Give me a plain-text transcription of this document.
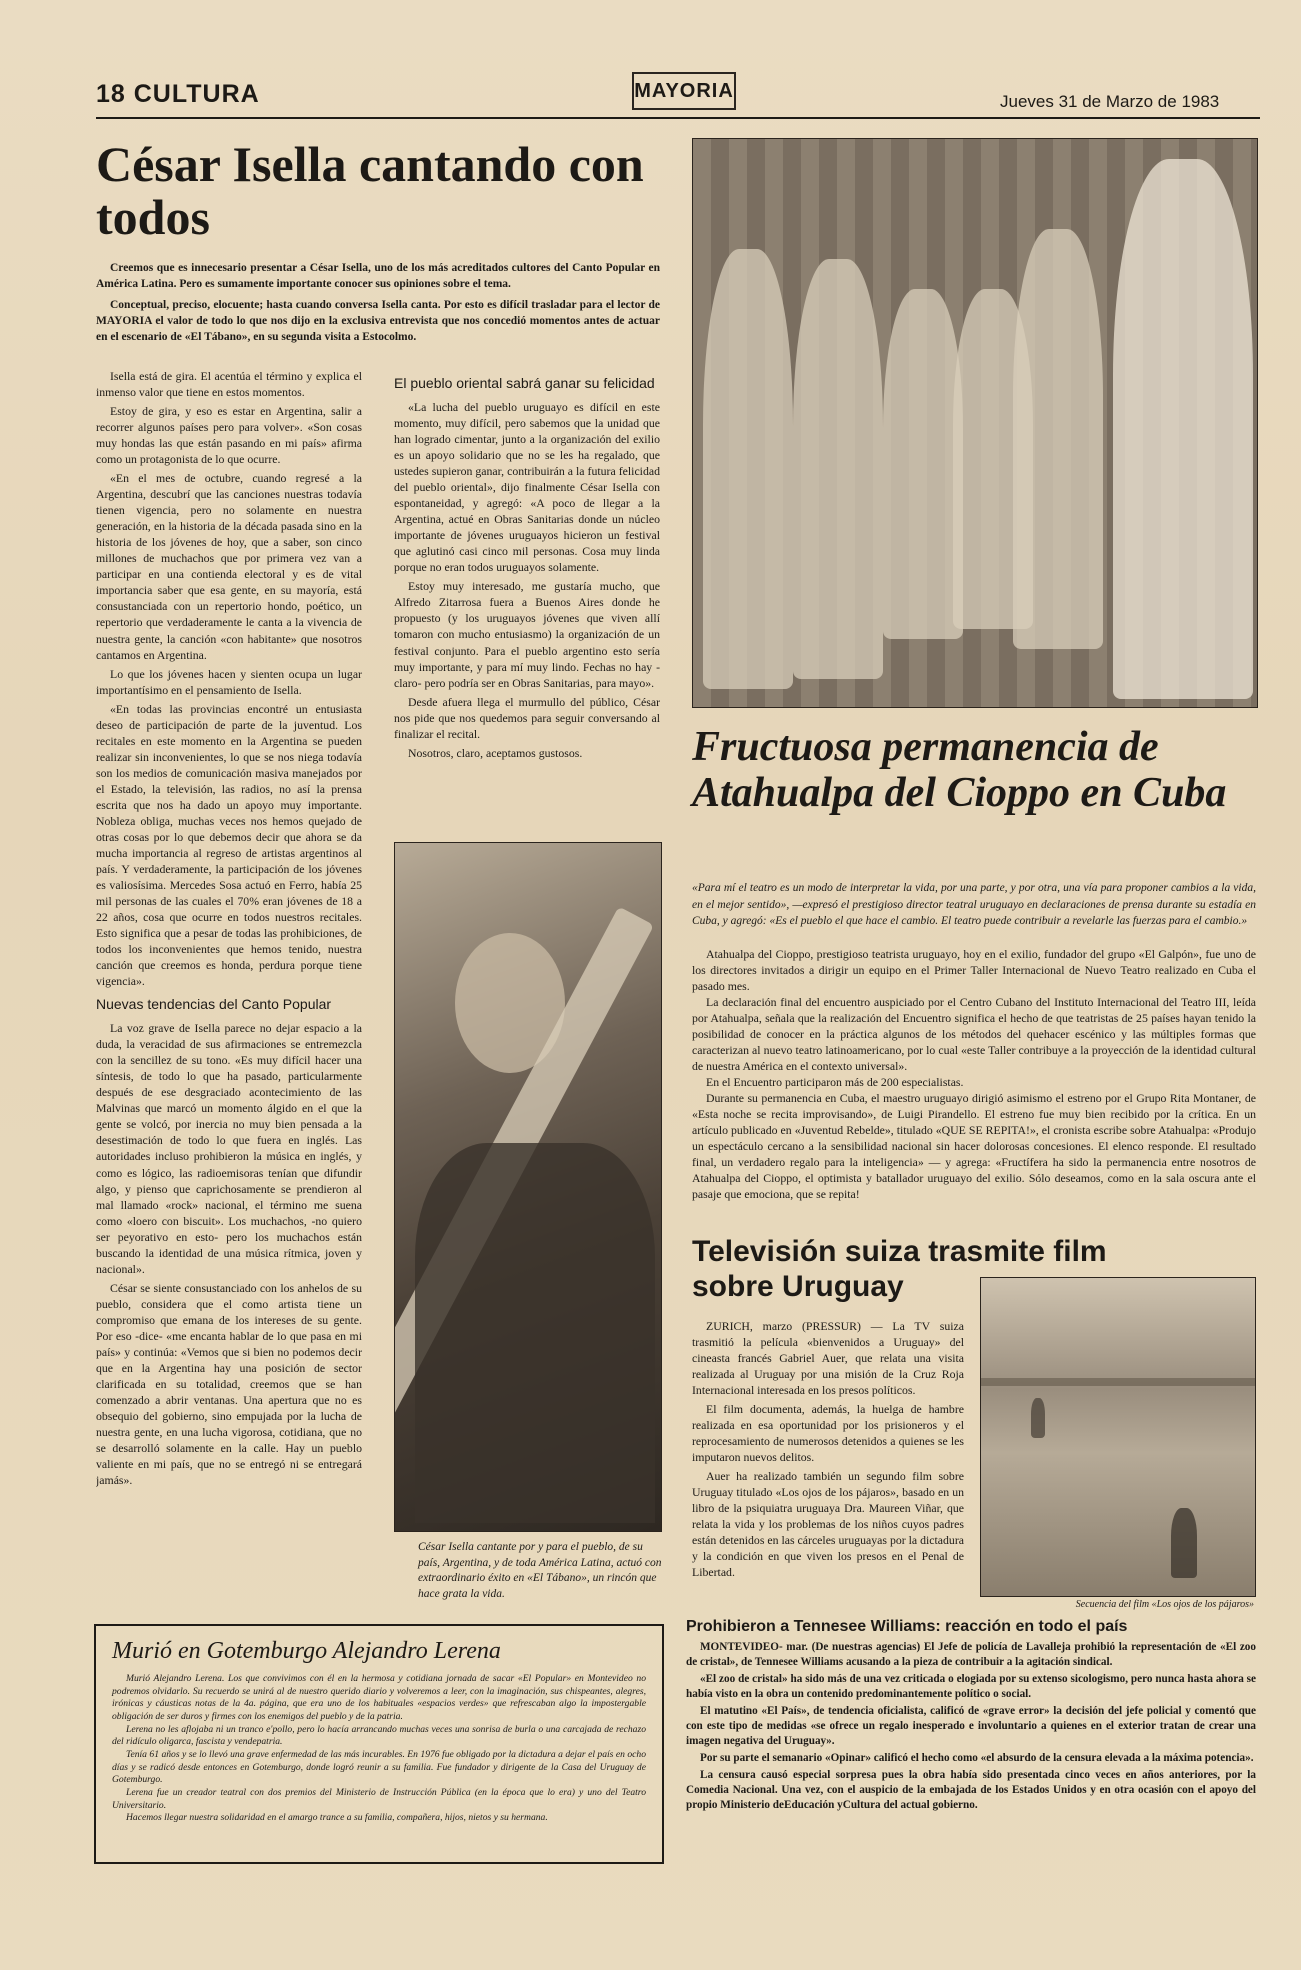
18 CULTURA	MAYORIA	Jueves 31 de Marzo de 1983
César Isella cantando con todos

Creemos que es innecesario presentar a César Isella, uno de los más acreditados cultores del Canto Popular en América Latina. Pero es sumamente importante conocer sus opiniones sobre el tema.

Conceptual, preciso, elocuente; hasta cuando conversa Isella canta. Por esto es difícil trasladar para el lector de MAYORIA el valor de todo lo que nos dijo en la exclusiva entrevista que nos concedió momentos antes de actuar en el escenario de «El Tábano», en su segunda visita a Estocolmo.

Isella está de gira. El acentúa el término y explica el inmenso valor que tiene en estos momentos.

Estoy de gira, y eso es estar en Argentina, salir a recorrer algunos países pero para volver». «Son cosas muy hondas las que están pasando en mi país» afirma como un protagonista de lo que ocurre.

«En el mes de octubre, cuando regresé a la Argentina, descubrí que las canciones nuestras todavía tienen vigencia, pero no solamente en nuestra generación, en la historia de la década pasada sino en la historia de los jóvenes de hoy, que a saber, son cinco millones de muchachos que por primera vez van a participar en una contienda electoral y es de vital importancia saber que esa gente, en su mayoría, está consustanciada con un repertorio hondo, poético, un repertorio que verdaderamente le canta a la vivencia de nuestra gente, la canción «con habitante» que nosotros cantamos en Argentina.

Lo que los jóvenes hacen y sienten ocupa un lugar importantísimo en el pensamiento de Isella.

«En todas las provincias encontré un entusiasta deseo de participación de parte de la juventud. Los recitales en este momento en la Argentina se pueden realizar sin inconvenientes, lo que se nos niega todavía son los medios de comunicación masiva manejados por el Estado, la televisión, las radios, no así la prensa escrita que nos ha dado un apoyo muy importante. Nobleza obliga, muchas veces nos hemos quejado de otras cosas por lo que debemos decir que ahora se da mucha importancia al regreso de artistas argentinos al país. Y verdaderamente, la participación de los jóvenes es valiosísima. Mercedes Sosa actuó en Ferro, había 25 mil personas de las cuales el 70% eran jóvenes de 18 a 22 años, cosa que ocurre en todos nuestros recitales. Esto significa que a pesar de todas las prohibiciones, de todos los inconvenientes que hemos tenido, nuestra canción que creemos es honda, perdura porque tiene vigencia».

Nuevas tendencias del Canto Popular

La voz grave de Isella parece no dejar espacio a la duda, la veracidad de sus afirmaciones se entremezcla con la sencillez de su tono. «Es muy difícil hacer una síntesis, de todo lo que ha pasado, particularmente después de ese desgraciado acontecimiento de las Malvinas que marcó un momento álgido en el que la gente se volcó, por inercia no muy bien pensada a la desestimación de todo lo que fuera en inglés. Las autoridades incluso prohibieron la música en inglés, y como es lógico, las radioemisoras tenían que difundir algo, y pienso que caprichosamente se prendieron al mal llamado «rock» nacional, el término me suena como «loero con biscuit». Los muchachos, -no quiero ser peyorativo en esto- pero los muchachos están buscando la identidad de una música rítmica, joven y nacional».

César se siente consustanciado con los anhelos de su pueblo, considera que el como artista tiene un compromiso que emana de los intereses de su gente. Por eso -dice- «me encanta hablar de lo que pasa en mi país» y continúa: «Vemos que si bien no podemos decir que en la Argentina hay una posición de sector clarificada en su totalidad, creemos que se han comenzado a abrir ventanas. Una apertura que no es obsequio del gobierno, sino empujada por la lucha de nuestra gente, en una lucha vigorosa, cotidiana, que no se desarrolló solamente en la calle. Hay un pueblo valiente en mi país, que no se entregó ni se entregará jamás».

El pueblo oriental sabrá ganar su felicidad

«La lucha del pueblo uruguayo es difícil en este momento, muy difícil, pero sabemos que la unidad que han logrado cimentar, junto a la organización del exilio es un apoyo solidario que no se les ha regalado, que ustedes supieron ganar, contribuirán a la futura felicidad del pueblo oriental», dijo finalmente César Isella con espontaneidad, y agregó: «A poco de llegar a la Argentina, actué en Obras Sanitarias donde un núcleo importante de jóvenes uruguayos hicieron un festival que aglutinó casi cinco mil personas. Cosa muy linda porque no eran todos uruguayos solamente.

Estoy muy interesado, me gustaría mucho, que Alfredo Zitarrosa fuera a Buenos Aires donde he propuesto (y los uruguayos jóvenes que viven allí tomaron con mucho entusiasmo) la organización de un festival conjunto. Para el pueblo argentino esto sería muy importante, y para mí muy lindo. Fechas no hay -claro- pero podría ser en Obras Sanitarias, para mayo».

Desde afuera llega el murmullo del público, César nos pide que nos quedemos para seguir conversando al finalizar el recital.

Nosotros, claro, aceptamos gustosos.

César Isella cantante por y para el pueblo, de su país, Argentina, y de toda América Latina, actuó con extraordinario éxito en «El Tábano», un rincón que hace grata la vida.
Fructuosa permanencia de Atahualpa del Cioppo en Cuba
«Para mí el teatro es un modo de interpretar la vida, por una parte, y por otra, una vía para proponer cambios a la vida, en el mejor sentido», —expresó el prestigioso director teatral uruguayo en declaraciones de prensa durante su estadía en Cuba, y agregó: «Es el pueblo el que hace el cambio. El teatro puede contribuir a revelarle las fuerzas para el cambio.»

Atahualpa del Cioppo, prestigioso teatrista uruguayo, hoy en el exilio, fundador del grupo «El Galpón», fue uno de los directores invitados a dirigir un equipo en el Primer Taller Internacional de Nuevo Teatro realizado en Cuba el pasado mes.

La declaración final del encuentro auspiciado por el Centro Cubano del Instituto Internacional del Teatro III, leída por Atahualpa, señala que la realización del Encuentro significa el hecho de que teatristas de 25 países hayan tenido la posibilidad de conocer en la práctica algunos de los métodos del quehacer escénico y las múltiples formas que caracterizan al nuevo teatro latinoamericano, por lo cual «este Taller contribuye a la proyección de la identidad cultural de nuestra América en el contexto universal».

En el Encuentro participaron más de 200 especialistas.

Durante su permanencia en Cuba, el maestro uruguayo dirigió asimismo el estreno por el Grupo Rita Montaner, de «Esta noche se recita improvisando», de Luigi Pirandello. El estreno fue muy bien recibido por la crítica. En un artículo publicado en «Juventud Rebelde», titulado «QUE SE REPITA!», el cronista escribe sobre Atahualpa: «Produjo un espectáculo cercano a la sensibilidad nacional sin hacer dolorosas concesiones. El elenco responde. El resultado final, un verdadero regalo para la inteligencia» — y agrega: «Fructífera ha sido la permanencia entre nosotros de Atahualpa del Cioppo, el optimista y batallador uruguayo del exilio. Sólo deseamos, como en la sala oscura ante el pasaje que emociona, que se repita!

Televisión suiza trasmite film sobre Uruguay

ZURICH, marzo (PRESSUR) — La TV suiza trasmitió la película «bienvenidos a Uruguay» del cineasta francés Gabriel Auer, que relata una visita realizada al Uruguay por una misión de la Cruz Roja Internacional interesada en los presos políticos.

El film documenta, además, la huelga de hambre realizada en esa oportunidad por los prisioneros y el reprocesamiento de numerosos detenidos a quienes se les imputaron nuevos delitos.

Auer ha realizado también un segundo film sobre Uruguay titulado «Los ojos de los pájaros», basado en un libro de la psiquiatra uruguaya Dra. Maureen Viñar, que relata la vida y los problemas de los niños cuyos padres están detenidos en las cárceles uruguayas por la dictadura y la condición en que viven los presos en el Penal de Libertad.

Secuencia del film «Los ojos de los pájaros»
Murió en Gotemburgo Alejandro Lerena

Murió Alejandro Lerena. Los que convivimos con él en la hermosa y cotidiana jornada de sacar «El Popular» en Montevideo no podremos olvidarlo. Su recuerdo se unirá al de nuestro querido diario y volveremos a leer, con la imaginación, sus chispeantes, alegres, irónicas y cáusticas notas de la 4a. página, que era uno de los habituales «espacios verdes» que refrescaban algo la impostergable obligación de ser duros y firmes con los enemigos del pueblo y de la patria.

Lerena no les aflojaba ni un tranco e'pollo, pero lo hacía arrancando muchas veces una sonrisa de burla o una carcajada de rechazo del ridículo oligarca, fascista y vendepatria.

Tenía 61 años y se lo llevó una grave enfermedad de las más incurables. En 1976 fue obligado por la dictadura a dejar el país en ocho días y se radicó desde entonces en Gotemburgo, donde logró reunir a su familia. Fue fundador y dirigente de la Casa del Uruguay de Gotemburgo.

Lerena fue un creador teatral con dos premios del Ministerio de Instrucción Pública (en la época que lo era) y uno del Teatro Universitario.

Hacemos llegar nuestra solidaridad en el amargo trance a su familia, compañera, hijos, nietos y su hermana.

Prohibieron a Tennesee Williams: reacción en todo el país

MONTEVIDEO- mar. (De nuestras agencias) El Jefe de policía de Lavalleja prohibió la representación de «El zoo de cristal», de Tennesee Williams acusando a la pieza de contribuir a la agitación sindical.

«El zoo de cristal» ha sido más de una vez criticada o elogiada por su extenso sicologismo, pero nunca hasta ahora se había visto en la obra un contenido predominantemente político o social.

El matutino «El País», de tendencia oficialista, calificó de «grave error» la decisión del jefe policial y comentó que con este tipo de medidas «se ofrece un regalo inesperado e involuntario a quienes en el exterior tratan de crear una imagen negativa del Uruguay».

Por su parte el semanario «Opinar» calificó el hecho como «el absurdo de la censura elevada a la máxima potencia».

La censura causó especial sorpresa pues la obra había sido presentada cinco veces en años anteriores, por la Comedia Nacional. Una vez, con el auspicio de la embajada de los Estados Unidos y en otra ocasión con el apoyo del propio Ministerio deEducación yCultura del actual gobierno.
